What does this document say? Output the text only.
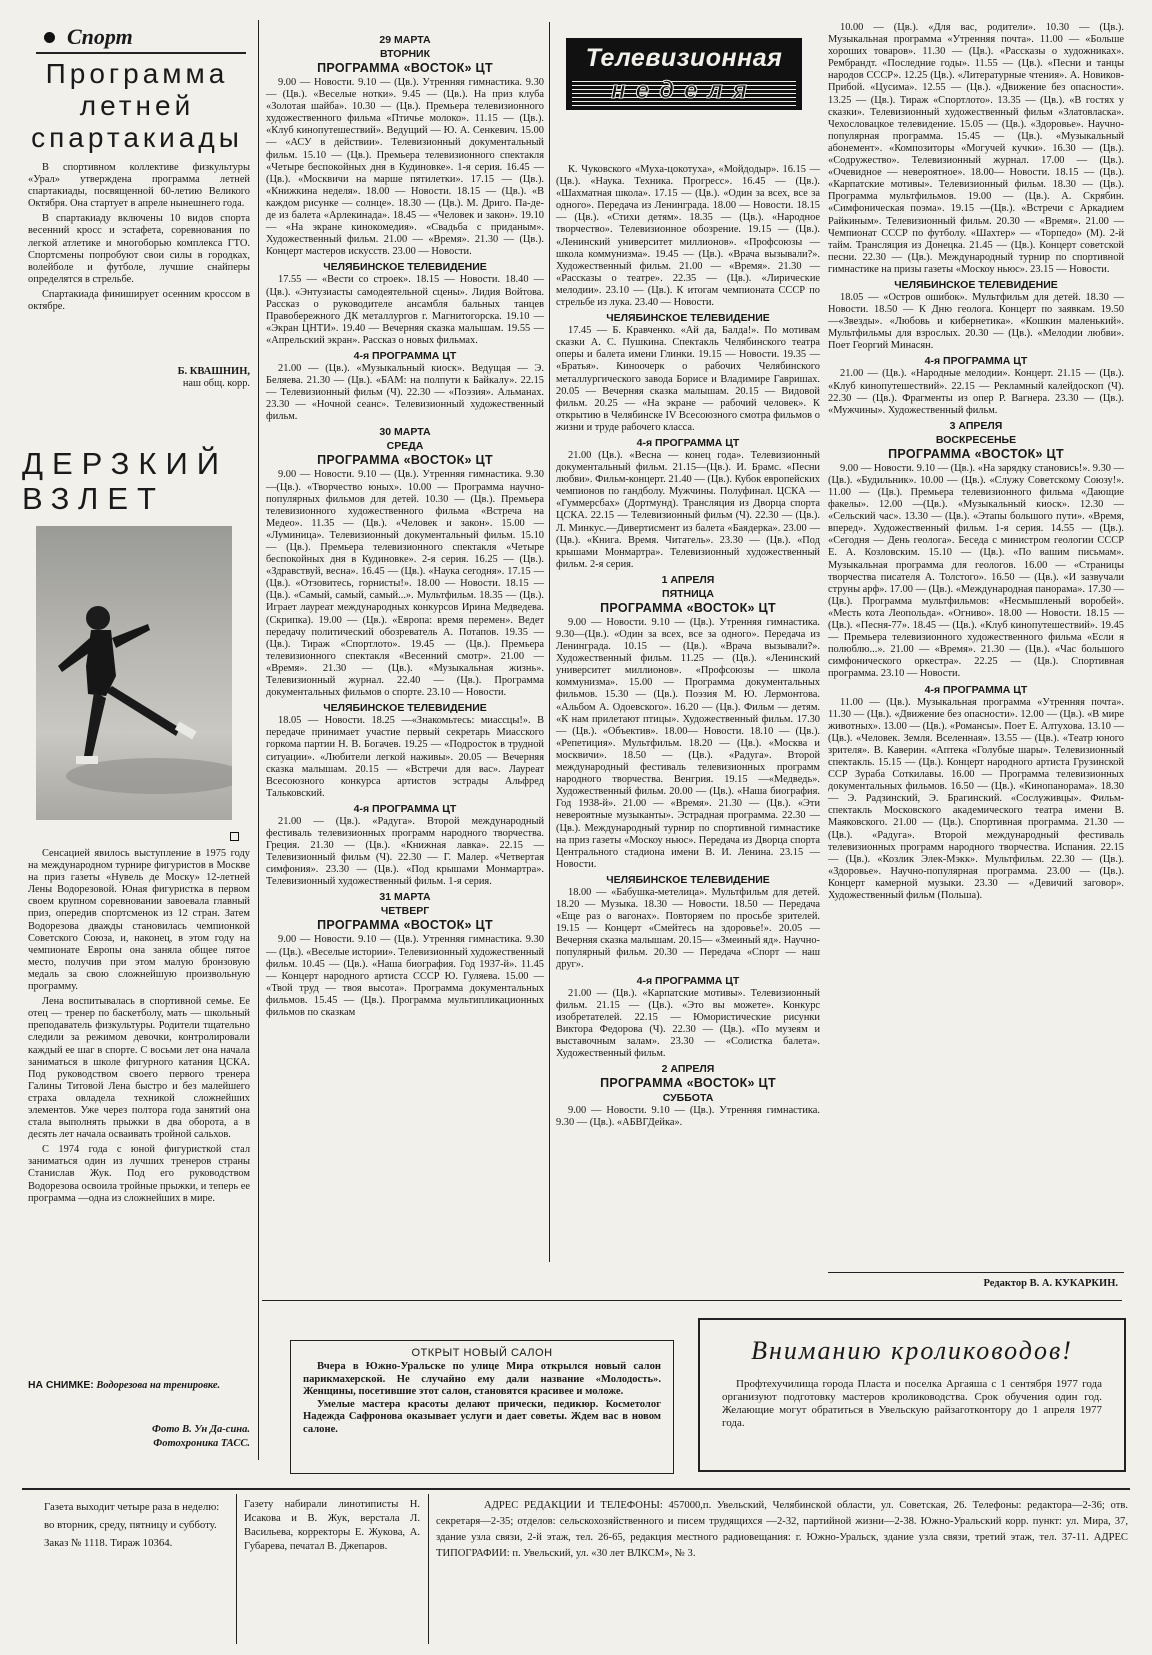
Спорт
Программа летней спартакиады

В спортивном коллективе физкультуры «Урал» утверждена программа летней спартакиады, посвященной 60-летию Великого Октября. Она стартует в апреле нынешнего года.

В спартакиаду включены 10 видов спорта весенний кросс и эстафета, соревнования по легкой атлетике и многоборью комплекса ГТО. Спортсмены попробуют свои силы в городках, волейболе и футболе, лучшие снайперы определятся в стрельбе.

Спартакиада финиширует осенним кроссом в октябре.

Б. КВАШНИН,
наш общ. корр.
ДЕРЗКИЙ ВЗЛЕТ

Сенсацией явилось выступление в 1975 году на международном турнире фигуристов в Москве на приз газеты «Нувель де Моску» 12-летней Лены Водорезовой. Юная фигуристка в первом своем крупном соревновании завоевала главный приз, опередив спортсменок из 12 стран. Затем Водорезова дважды становилась чемпионкой Советского Союза, и, наконец, в этом году на чемпионате Европы она заняла общее пятое место, получив при этом малую бронзовую медаль за свою сложнейшую произвольную программу.

Лена воспитывалась в спортивной семье. Ее отец — тренер по баскетболу, мать — школьный преподаватель физкультуры. Родители тщательно следили за режимом девочки, контролировали каждый ее шаг в спорте. С восьми лет она начала заниматься в школе фигурного катания ЦСКА. Под руководством своего первого тренера Галины Титовой Лена быстро и без малейшего страха овладела техникой сложнейших элементов. Уже через полтора года занятий она стала выполнять прыжки в два оборота, а в десять лет начала осваивать тройной сальхов.

С 1974 года с юной фигуристкой стал заниматься один из лучших тренеров страны Станислав Жук. Под его руководством Водорезова освоила тройные прыжки, и теперь ее программа —одна из сложнейших в мире.

НА СНИМКЕ: Водорезова на тренировке.
Фото В. Ун Да-сина.
Фотохроника ТАСС.
Телевизионная
неделя
29 МАРТА
ВТОРНИК
ПРОГРАММА «ВОСТОК» ЦТ

9.00 — Новости. 9.10 — (Цв.). Утренняя гимнастика. 9.30 — (Цв.). «Веселые нотки». 9.45 — (Цв.). На приз клуба «Золотая шайба». 10.30 — (Цв.). Премьера телевизионного художественного фильма «Птичье молоко». 11.15 — (Цв.). «Клуб кинопутешествий». Ведущий — Ю. А. Сенкевич. 15.00 — «АСУ в действии». Телевизионный документальный фильм. 15.10 — (Цв.). Премьера телевизионного спектакля «Четыре беспокойных дня в Кудиновке». 1-я серия. 16.45 —(Цв.). «Москвичи на марше пятилетки». 17.15 — (Цв.). «Книжкина неделя». 18.00 — Новости. 18.15 — (Цв.). «В каждом рисунке — солнце». 18.30 — (Цв.). М. Дриго. Па-де-де из балета «Арлекинада». 18.45 — «Человек и закон». 19.10 — «На экране кинокомедия». «Свадьба с приданым». Художественный фильм. 21.00 — «Время». 21.30 — (Цв.). Концерт мастеров искусств. 23.00 — Новости.

ЧЕЛЯБИНСКОЕ ТЕЛЕВИДЕНИЕ

17.55 — «Вести со строек». 18.15 — Новости. 18.40 — (Цв.). «Энтузиасты самодеятельной сцены». Лидия Войтова. Рассказ о руководителе ансамбля бальных танцев Правобережного ДК металлургов г. Магнитогорска. 19.10 — «Экран ЦНТИ». 19.40 — Вечерняя сказка малышам. 19.55 — «Апрельский экран». Рассказ о новых фильмах.

4-я ПРОГРАММА ЦТ

21.00 — (Цв.). «Музыкальный киоск». Ведущая — Э. Беляева. 21.30 — (Цв.). «БАМ: на полпути к Байкалу». 22.15 — Телевизионный фильм (Ч). 22.30 — «Поэзия». Альманах. 23.30 — «Ночной сеанс». Телевизионный художественный фильм.

30 МАРТА
СРЕДА
ПРОГРАММА «ВОСТОК» ЦТ

9.00 — Новости. 9.10 — (Цв.). Утренняя гимнастика. 9.30—(Цв.). «Творчество юных». 10.00 — Программа научно-популярных фильмов для детей. 10.30 — (Цв.). Премьера телевизионного художественного фильма «Встреча на Медео». 11.35 — (Цв.). «Человек и закон». 15.00 — «Луминица». Телевизионный документальный фильм. 15.10 — (Цв.). Премьера телевизионного спектакля «Четыре беспокойных дня в Кудиновке». 2-я серия. 16.25 — (Цв.). «Здравствуй, весна». 16.45 — (Цв.). «Наука сегодня». 17.15 — (Цв.). «Отзовитесь, горнисты!». 18.00 — Новости. 18.15 — (Цв.). «Самый, самый, самый...». Мультфильм. 18.35 — (Цв.). Играет лауреат международных конкурсов Ирина Медведева. (Скрипка). 19.00 — (Цв.). «Европа: время перемен». Ведет передачу политический обозреватель А. Потапов. 19.35 — (Цв.). Тираж «Спортлото». 19.45 — (Цв.). Премьера телевизионного спектакля «Весенний смотр». 21.00 — «Время». 21.30 — (Цв.). «Музыкальная жизнь». Телевизионный журнал. 22.40 — (Цв.). Программа документальных фильмов о спорте. 23.10 — Новости.

ЧЕЛЯБИНСКОЕ ТЕЛЕВИДЕНИЕ

18.05 — Новости. 18.25 —«Знакомьтесь: миассцы!». В передаче принимает участие первый секретарь Миасского горкома партии Н. В. Богачев. 19.25 — «Подросток в трудной ситуации». «Любители легкой наживы». 20.05 — Вечерняя сказка малышам. 20.15 — «Встречи для вас». Лауреат Всесоюзного конкурса артистов эстрады Альфред Тальковский.

4-я ПРОГРАММА ЦТ

21.00 — (Цв.). «Радуга». Второй международный фестиваль телевизионных программ народного творчества. Греция. 21.30 — (Цв.). «Книжная лавка». 22.15 — Телевизионный фильм (Ч). 22.30 — Г. Малер. «Четвертая симфония». 23.30 — (Цв.). «Под крышами Монмартра». Телевизионный художественный фильм. 1-я серия.

31 МАРТА
ЧЕТВЕРГ
ПРОГРАММА «ВОСТОК» ЦТ

9.00 — Новости. 9.10 — (Цв.). Утренняя гимнастика. 9.30 — (Цв.). «Веселые истории». Телевизионный художественный фильм. 10.45 — (Цв.). «Наша биография. Год 1937-й». 11.45 — Концерт народного артиста СССР Ю. Гуляева. 15.00 — «Твой труд — твоя высота». Программа документальных фильмов. 15.45 — (Цв.). Программа мультипликационных фильмов по сказкам

К. Чуковского «Муха-цокотуха», «Мойдодыр». 16.15 — (Цв.). «Наука. Техника. Прогресс». 16.45 — (Цв.). «Шахматная школа». 17.15 — (Цв.). «Один за всех, все за одного». Передача из Ленинграда. 18.00 — Новости. 18.15 — (Цв.). «Стихи детям». 18.35 — (Цв.). «Народное творчество». Телевизионное обозрение. 19.15 — (Цв.). «Ленинский университет миллионов». «Профсоюзы — школа коммунизма». 19.45 — (Цв.). «Врача вызывали?». Художественный фильм. 21.00 — «Время». 21.30 — «Рассказы о театре». 22.35 — (Цв.). «Лирические мелодии». 23.10 — (Цв.). К итогам чемпионата СССР по стрельбе из лука. 23.40 — Новости.

ЧЕЛЯБИНСКОЕ ТЕЛЕВИДЕНИЕ

17.45 — Б. Кравченко. «Ай да, Балда!». По мотивам сказки А. С. Пушкина. Спектакль Челябинского театра оперы и балета имени Глинки. 19.15 — Новости. 19.35 — «Братья». Киноочерк о рабочих Челябинского металлургического завода Борисе и Владимире Гавришах. 20.05 — Вечерняя сказка малышам. 20.15 — Видовой фильм. 20.25 — «На экране — рабочий человек». К открытию в Челябинске IV Всесоюзного смотра фильмов о жизни и труде рабочего класса.

4-я ПРОГРАММА ЦТ

21.00 (Цв.). «Весна — конец года». Телевизионный документальный фильм. 21.15—(Цв.). И. Брамс. «Песни любви». Фильм-концерт. 21.40 — (Цв.). Кубок европейских чемпионов по гандболу. Мужчины. Полуфинал. ЦСКА — «Гуммерсбах» (Дортмунд). Трансляция из Дворца спорта ЦСКА. 22.15 — Телевизионный фильм (Ч). 22.30 — (Цв.). Л. Минкус.—Дивертисмент из балета «Баядерка». 23.00 — (Цв.). «Книга. Время. Читатель». 23.30 — (Цв.). «Под крышами Монмартра». Телевизионный художественный фильм. 2-я серия.

1 АПРЕЛЯ
ПЯТНИЦА
ПРОГРАММА «ВОСТОК» ЦТ

9.00 — Новости. 9.10 — (Цв.). Утренняя гимнастика. 9.30—(Цв.). «Один за всех, все за одного». Передача из Ленинграда. 10.15 — (Цв.). «Врача вызывали?». Художественный фильм. 11.25 — (Цв.). «Ленинский университет миллионов». «Профсоюзы — школа коммунизма». 15.00 — Программа документальных фильмов. 15.30 — (Цв.). Поэзия М. Ю. Лермонтова. «Альбом А. Одоевского». 16.20 — (Цв.). Фильм — детям. «К нам прилетают птицы». Художественный фильм. 17.30 — (Цв.). «Объектив». 18.00— Новости. 18.10 — (Цв.). «Репетиция». Мультфильм. 18.20 — (Цв.). «Москва и москвичи». 18.50 — (Цв.). «Радуга». Второй международный фестиваль телевизионных программ народного творчества. Венгрия. 19.15 —«Медведь». Художественный фильм. 20.00 — (Цв.). «Наша биография. Год 1938-й». 21.00 — «Время». 21.30 — (Цв.). «Эти невероятные музыканты». Эстрадная программа. 22.30 — (Цв.). Международный турнир по спортивной гимнастике на приз газеты «Москоу ньюс». Передача из Дворца спорта Центрального стадиона имени В. И. Ленина. 23.15 — Новости.

ЧЕЛЯБИНСКОЕ ТЕЛЕВИДЕНИЕ

18.00 — «Бабушка-метелица». Мультфильм для детей. 18.20 — Музыка. 18.30 — Новости. 18.50 — Передача «Еще раз о вагонах». Повторяем по просьбе зрителей. 19.15 — Концерт «Смейтесь на здоровье!». 20.05 — Вечерняя сказка малышам. 20.15— «Змеиный яд». Научно-популярный фильм. 20.30 — Передача «Спорт — наш друг».

4-я ПРОГРАММА ЦТ

21.00 — (Цв.). «Карпатские мотивы». Телевизионный фильм. 21.15 — (Цв.). «Это вы можете». Конкурс изобретателей. 22.15 — Юмористические рисунки Виктора Федорова (Ч). 22.30 — (Цв.). «По музеям и выставочным залам». 23.30 — «Солистка балета». Художественный фильм.

2 АПРЕЛЯ
ПРОГРАММА «ВОСТОК» ЦТ
СУББОТА

9.00 — Новости. 9.10 — (Цв.). Утренняя гимнастика. 9.30 — (Цв.). «АБВГДейка».

10.00 — (Цв.). «Для вас, родители». 10.30 — (Цв.). Музыкальная программа «Утренняя почта». 11.00 — «Больше хороших товаров». 11.30 — (Цв.). «Рассказы о художниках». Рембрандт. «Последние годы». 11.55 — (Цв.). «Песни и танцы народов СССР». 12.25 (Цв.). «Литературные чтения». А. Новиков-Прибой. «Цусима». 12.55 — (Цв.). «Движение без опасности». 13.25 — (Цв.). Тираж «Спортлото». 13.35 — (Цв.). «В гостях у сказки». Телевизионный художественный фильм «Златовласка». Чехословацкое телевидение. 15.05 — (Цв.). «Здоровье». Научно-популярная программа. 15.45 — (Цв.). «Музыкальный абонемент». «Композиторы «Могучей кучки». 16.30 — (Цв.). «Содружество». Телевизионный журнал. 17.00 — (Цв.). «Очевидное — невероятное». 18.00— Новости. 18.15 — (Цв.). «Карпатские мотивы». Телевизионный фильм. 18.30 — (Цв.). Программа мультфильмов. 19.00 — (Цв.). А. Скрябин. «Симфоническая поэма». 19.15 —(Цв.). «Встречи с Аркадием Райкиным». Телевизионный фильм. 20.30 — «Время». 21.00 — Чемпионат СССР по футболу. «Шахтер» — «Торпедо» (М). 2-й тайм. Трансляция из Донецка. 21.45 — (Цв.). Концерт советской песни. 22.30 — (Цв.). Международный турнир по спортивной гимнастике на призы газеты «Москоу ньюс». 23.15 — Новости.

ЧЕЛЯБИНСКОЕ ТЕЛЕВИДЕНИЕ

18.05 — «Остров ошибок». Мультфильм для детей. 18.30 — Новости. 18.50 — К Дню геолога. Концерт по заявкам. 19.50 —«Звезды». «Любовь и кибернетика». «Кошкин маленький». Мультфильмы для взрослых. 20.30 — (Цв.). «Мелодии любви». Поет Георгий Минасян.

4-я ПРОГРАММА ЦТ

21.00 — (Цв.). «Народные мелодии». Концерт. 21.15 — (Цв.). «Клуб кинопутешествий». 22.15 — Рекламный калейдоскоп (Ч). 22.30 — (Цв.). Фрагменты из опер Р. Вагнера. 23.30 — (Цв.). «Мужчины». Художественный фильм.

3 АПРЕЛЯ
ВОСКРЕСЕНЬЕ
ПРОГРАММА «ВОСТОК» ЦТ

9.00 — Новости. 9.10 — (Цв.). «На зарядку становись!». 9.30 — (Цв.). «Будильник». 10.00 — (Цв.). «Служу Советскому Союзу!». 11.00 — (Цв.). Премьера телевизионного фильма «Дающие факелы». 12.00 —(Цв.). «Музыкальный киоск». 12.30 — «Сельский час». 13.30 — (Цв.). «Этапы большого пути». «Время, вперед». Художественный фильм. 1-я серия. 14.55 — (Цв.). «Сегодня — День геолога». Беседа с министром геологии СССР Е. А. Козловским. 15.10 — (Цв.). «По вашим письмам». Музыкальная программа для геологов. 16.00 — «Страницы творчества писателя А. Толстого». 16.50 — (Цв.). «И зазвучали струны арф». 17.00 — (Цв.). «Международная панорама». 17.30 — (Цв.). Программа мультфильмов: «Несмышленый воробей». «Месть кота Леопольда». «Огниво». 18.00 — Новости. 18.15 — (Цв.). «Песня-77». 18.45 — (Цв.). «Клуб кинопутешествий». 19.45 — Премьера телевизионного художественного фильма «Если я полюблю...». 21.00 — «Время». 21.30 — (Цв.). «Час большого симфонического оркестра». 22.25 — (Цв.). Спортивная программа. 23.10 — Новости.

4-я ПРОГРАММА ЦТ

11.00 — (Цв.). Музыкальная программа «Утренняя почта». 11.30 — (Цв.). «Движение без опасности». 12.00 — (Цв.). «В мире животных». 13.00 — (Цв.). «Романсы». Поет Е. Алтухова. 13.10 — (Цв.). «Человек. Земля. Вселенная». 13.55 — (Цв.). «Театр юного зрителя». В. Каверин. «Аптека «Голубые шары». Телевизионный спектакль. 15.15 — (Цв.). Концерт народного артиста Грузинской ССР Зураба Соткилавы. 16.00 — Программа телевизионных документальных фильмов. 16.50 — (Цв.). «Кинопанорама». 18.30 — Э. Радзинский, Э. Брагинский. «Сослуживцы». Фильм-спектакль Московского академического театра имени В. Маяковского. 21.00 — (Цв.). Спортивная программа. 21.30 — (Цв.). «Радуга». Второй международный фестиваль телевизионных программ народного творчества. Испания. 22.15 — (Цв.). «Козлик Элек-Мэкк». Мультфильм. 22.30 — (Цв.). «Здоровье». Научно-популярная программа. 23.00 — (Цв.). Концерт камерной музыки. 23.30 — «Девичий заговор». Художественный фильм (Польша).

Редактор В. А. КУКАРКИН.
ОТКРЫТ НОВЫЙ САЛОН

Вчера в Южно-Уральске по улице Мира открылся новый салон парикмахерской. Не случайно ему дали название «Молодость». Женщины, посетившие этот салон, становятся красивее и моложе.

Умелые мастера красоты делают прически, педикюр. Косметолог Надежда Сафронова оказывает услуги и дает советы. Ждем вас в новом салоне.

Вниманию кролиководов!
Профтехучилища города Пласта и поселка Аргаяша с 1 сентября 1977 года организуют подготовку мастеров кролиководства. Срок обучения один год. Желающие могут обратиться в Увельскую райзаготконтору до 1 апреля 1977 года.
Газета выходит четыре раза в неделю: во вторник, среду, пятницу и субботу.
Заказ № 1118. Тираж 10364.
Газету набирали линотиписты Н. Исакова и В. Жук, верстала Л. Васильева, корректоры Е. Жукова, А. Губарева, печатал В. Джепаров.
АДРЕС РЕДАКЦИИ И ТЕЛЕФОНЫ: 457000,п. Увельский, Челябинской области, ул. Советская, 26. Телефоны: редактора—2-36; отв. секретаря—2-35; отделов: сельскохозяйственного и писем трудящихся —2-32, партийной жизни—2-38. Южно-Уральский корр. пункт: ул. Мира, 37, здание узла связи, 2-й этаж, тел. 26-65, редакция местного радиовещания: г. Южно-Уральск, здание узла связи, третий этаж, тел. 37-11. АДРЕС ТИПОГРАФИИ: п. Увельский, ул. «30 лет ВЛКСМ», № 3.
